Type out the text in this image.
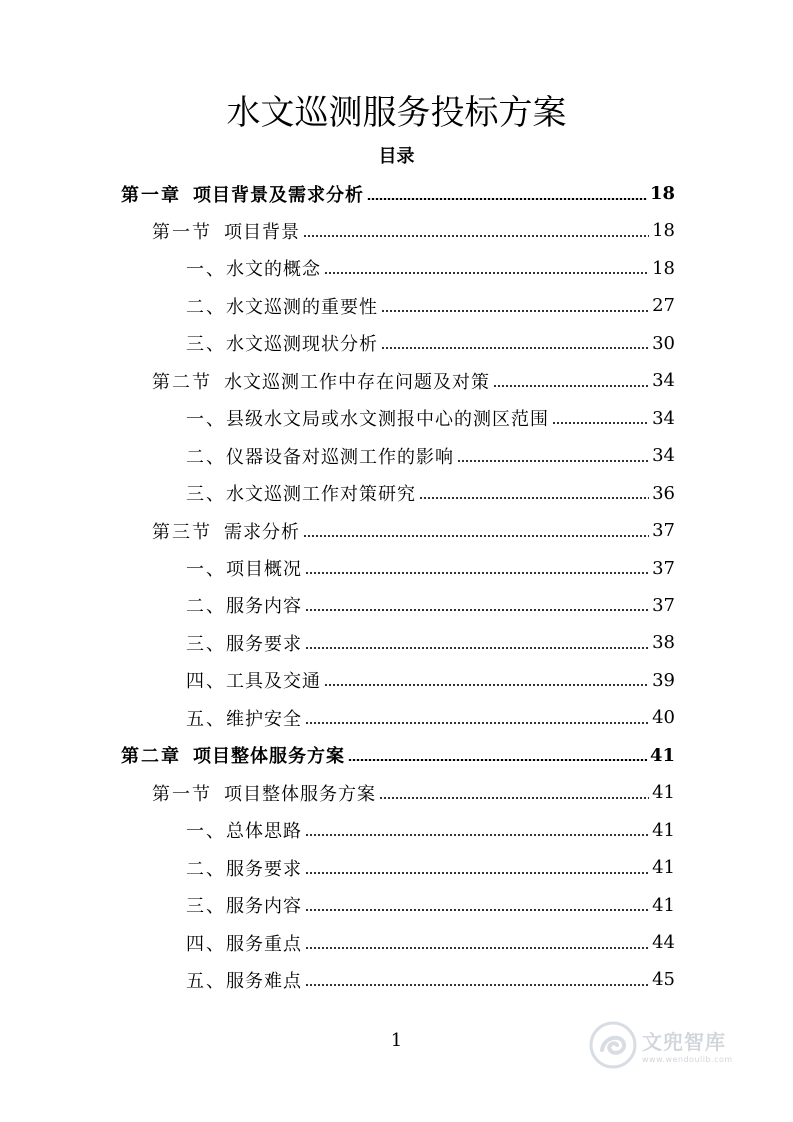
水文巡测服务投标方案
目录
第一章 项目背景及需求分析	18
第一节 项目背景	18
一、 水文的概念	18
二、 水文巡测的重要性	27
三、 水文巡测现状分析	30
第二节 水文巡测工作中存在问题及对策	34
一、 县级水文局或水文测报中心的测区范围	34
二、 仪器设备对巡测工作的影响	34
三、 水文巡测工作对策研究	36
第三节 需求分析	37
一、 项目概况	37
二、 服务内容	37
三、 服务要求	38
四、 工具及交通	39
五、 维护安全	40
第二章 项目整体服务方案	41
第一节 项目整体服务方案	41
一、 总体思路	41
二、 服务要求	41
三、 服务内容	41
四、 服务重点	44
五、 服务难点	45
1	文兜智库
www.wendoulib.com
